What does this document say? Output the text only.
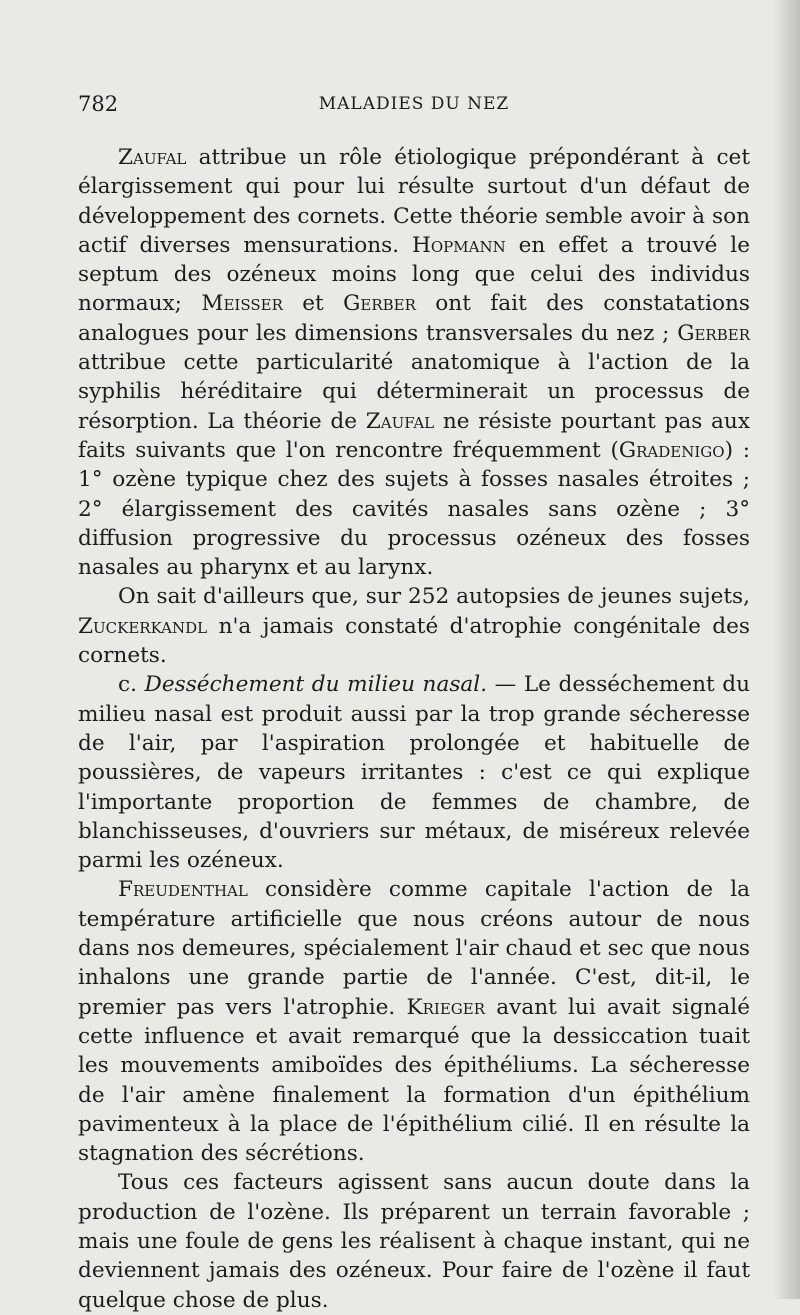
782	MALADIES DU NEZ

Zaufal attribue un rôle étiologique prépondérant à cet élargissement qui pour lui résulte surtout d'un défaut de développement des cornets. Cette théorie semble avoir à son actif diverses mensurations. Hopmann en effet a trouvé le septum des ozéneux moins long que celui des individus normaux; Meisser et Gerber ont fait des constatations analogues pour les dimensions transversales du nez ; Gerber attribue cette particularité anatomique à l'action de la syphilis héréditaire qui déterminerait un processus de résorption. La théorie de Zaufal ne résiste pourtant pas aux faits suivants que l'on rencontre fréquemment (Gradenigo) : 1° ozène typique chez des sujets à fosses nasales étroites ; 2° élargissement des cavités nasales sans ozène ; 3° diffusion progressive du processus ozéneux des fosses nasales au pharynx et au larynx.

On sait d'ailleurs que, sur 252 autopsies de jeunes sujets, Zuckerkandl n'a jamais constaté d'atrophie congénitale des cornets.

c. Desséchement du milieu nasal. — Le desséchement du milieu nasal est produit aussi par la trop grande sécheresse de l'air, par l'aspiration prolongée et habituelle de poussières, de vapeurs irritantes : c'est ce qui explique l'importante proportion de femmes de chambre, de blanchisseuses, d'ouvriers sur métaux, de miséreux relevée parmi les ozéneux.

Freudenthal considère comme capitale l'action de la température artificielle que nous créons autour de nous dans nos demeures, spécialement l'air chaud et sec que nous inhalons une grande partie de l'année. C'est, dit-il, le premier pas vers l'atrophie. Krieger avant lui avait signalé cette influence et avait remarqué que la dessiccation tuait les mouvements amiboïdes des épithéliums. La sécheresse de l'air amène finalement la formation d'un épithélium pavimenteux à la place de l'épithélium cilié. Il en résulte la stagnation des sécrétions.

Tous ces facteurs agissent sans aucun doute dans la production de l'ozène. Ils préparent un terrain favorable ; mais une foule de gens les réalisent à chaque instant, qui ne deviennent jamais des ozéneux. Pour faire de l'ozène il faut quelque chose de plus.
